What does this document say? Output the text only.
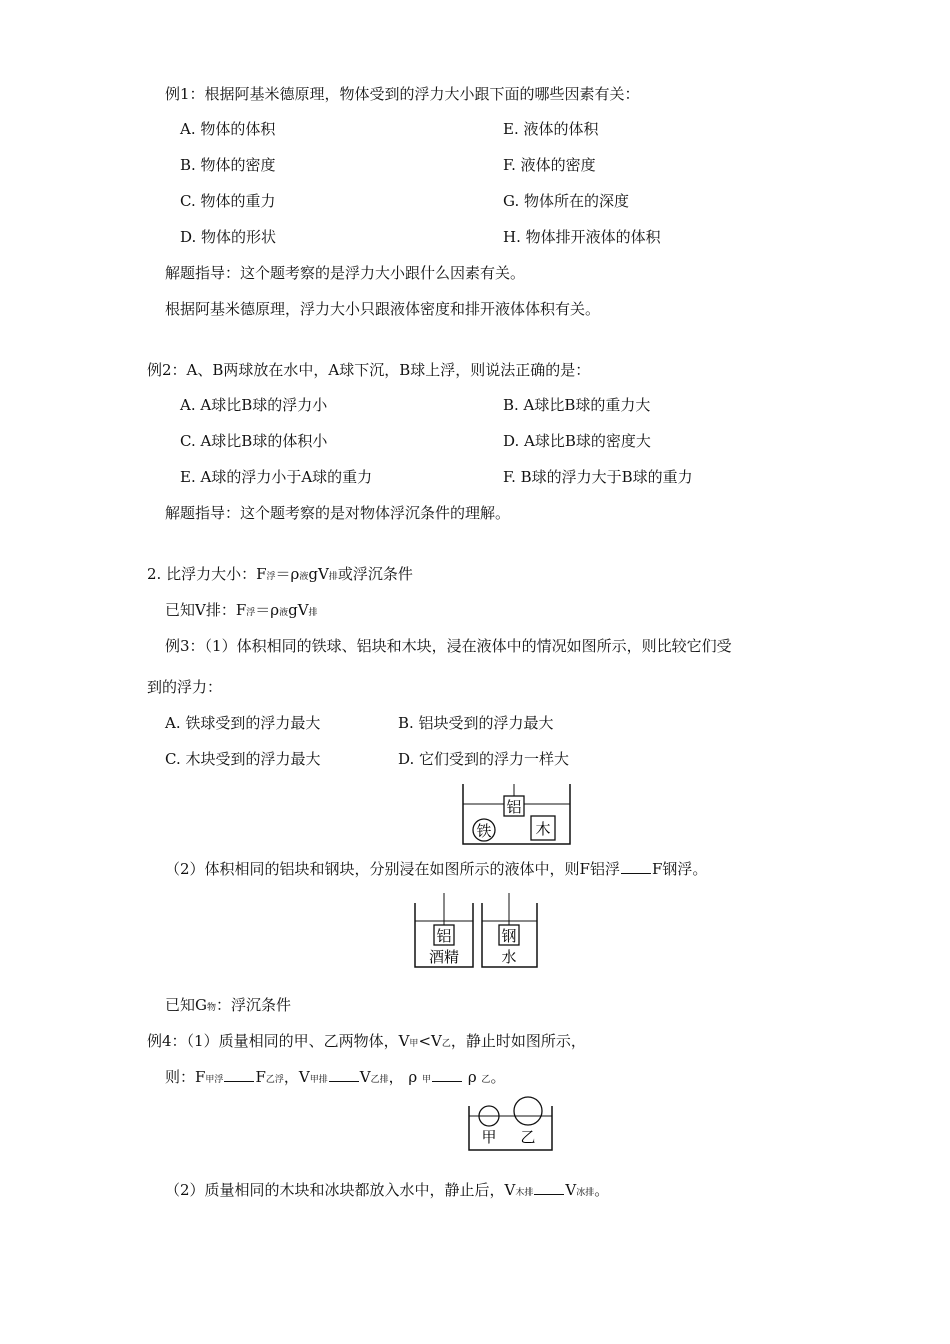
例1：根据阿基米德原理，物体受到的浮力大小跟下面的哪些因素有关：
A. 物体的体积	E. 液体的体积
B. 物体的密度	F. 液体的密度
C. 物体的重力	G. 物体所在的深度
D. 物体的形状	H. 物体排开液体的体积
解题指导：这个题考察的是浮力大小跟什么因素有关。
根据阿基米德原理，浮力大小只跟液体密度和排开液体体积有关。
例2：A、B两球放在水中，A球下沉，B球上浮，则说法正确的是：
A. A球比B球的浮力小	B. A球比B球的重力大
C. A球比B球的体积小	D. A球比B球的密度大
E. A球的浮力小于A球的重力	F. B球的浮力大于B球的重力
解题指导：这个题考察的是对物体浮沉条件的理解。
2. 比浮力大小：F浮＝ρ液gV排或浮沉条件
已知V排：F浮＝ρ液gV排
例3：（1）体积相同的铁球、铝块和木块，浸在液体中的情况如图所示，则比较它们受
到的浮力：
A. 铁球受到的浮力最大	B. 铝块受到的浮力最大
C. 木块受到的浮力最大	D. 它们受到的浮力一样大
铝
木
铁
（2）体积相同的铝块和钢块，分别浸在如图所示的液体中，则F铝浮 F钢浮。
铝
酒精
钢
水
已知G物：浮沉条件
例4：（1）质量相同的甲、乙两物体，V甲<V乙，静止时如图所示，
则：F甲浮 F乙浮，V甲排 V乙排， ρ 甲 ρ 乙。
甲 乙
（2）质量相同的木块和冰块都放入水中，静止后，V木排 V冰排。
